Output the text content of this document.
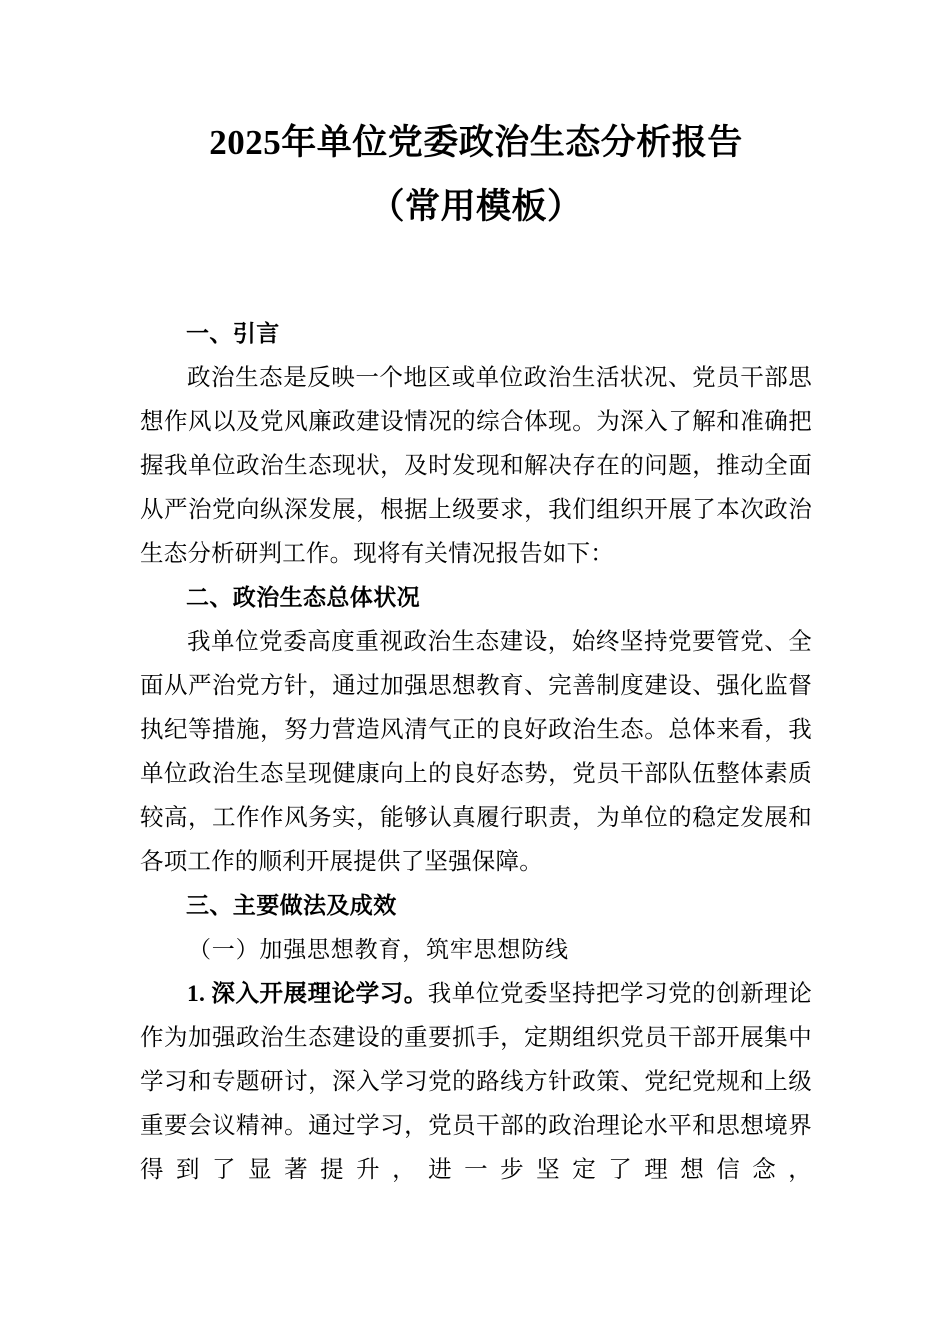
2025年单位党委政治生态分析报告
（常用模板）
一、引言

政治生态是反映一个地区或单位政治生活状况、党员干部思想作风以及党风廉政建设情况的综合体现。为深入了解和准确把握我单位政治生态现状，及时发现和解决存在的问题，推动全面从严治党向纵深发展，根据上级要求，我们组织开展了本次政治生态分析研判工作。现将有关情况报告如下：

二、政治生态总体状况

我单位党委高度重视政治生态建设，始终坚持党要管党、全面从严治党方针，通过加强思想教育、完善制度建设、强化监督执纪等措施，努力营造风清气正的良好政治生态。总体来看，我单位政治生态呈现健康向上的良好态势，党员干部队伍整体素质较高，工作作风务实，能够认真履行职责，为单位的稳定发展和各项工作的顺利开展提供了坚强保障。

三、主要做法及成效

（一）加强思想教育，筑牢思想防线

1. 深入开展理论学习。我单位党委坚持把学习党的创新理论作为加强政治生态建设的重要抓手，定期组织党员干部开展集中学习和专题研讨，深入学习党的路线方针政策、党纪党规和上级重要会议精神。通过学习，党员干部的政治理论水平和思想境界得到了显著提升，进一步坚定了理想信念，
